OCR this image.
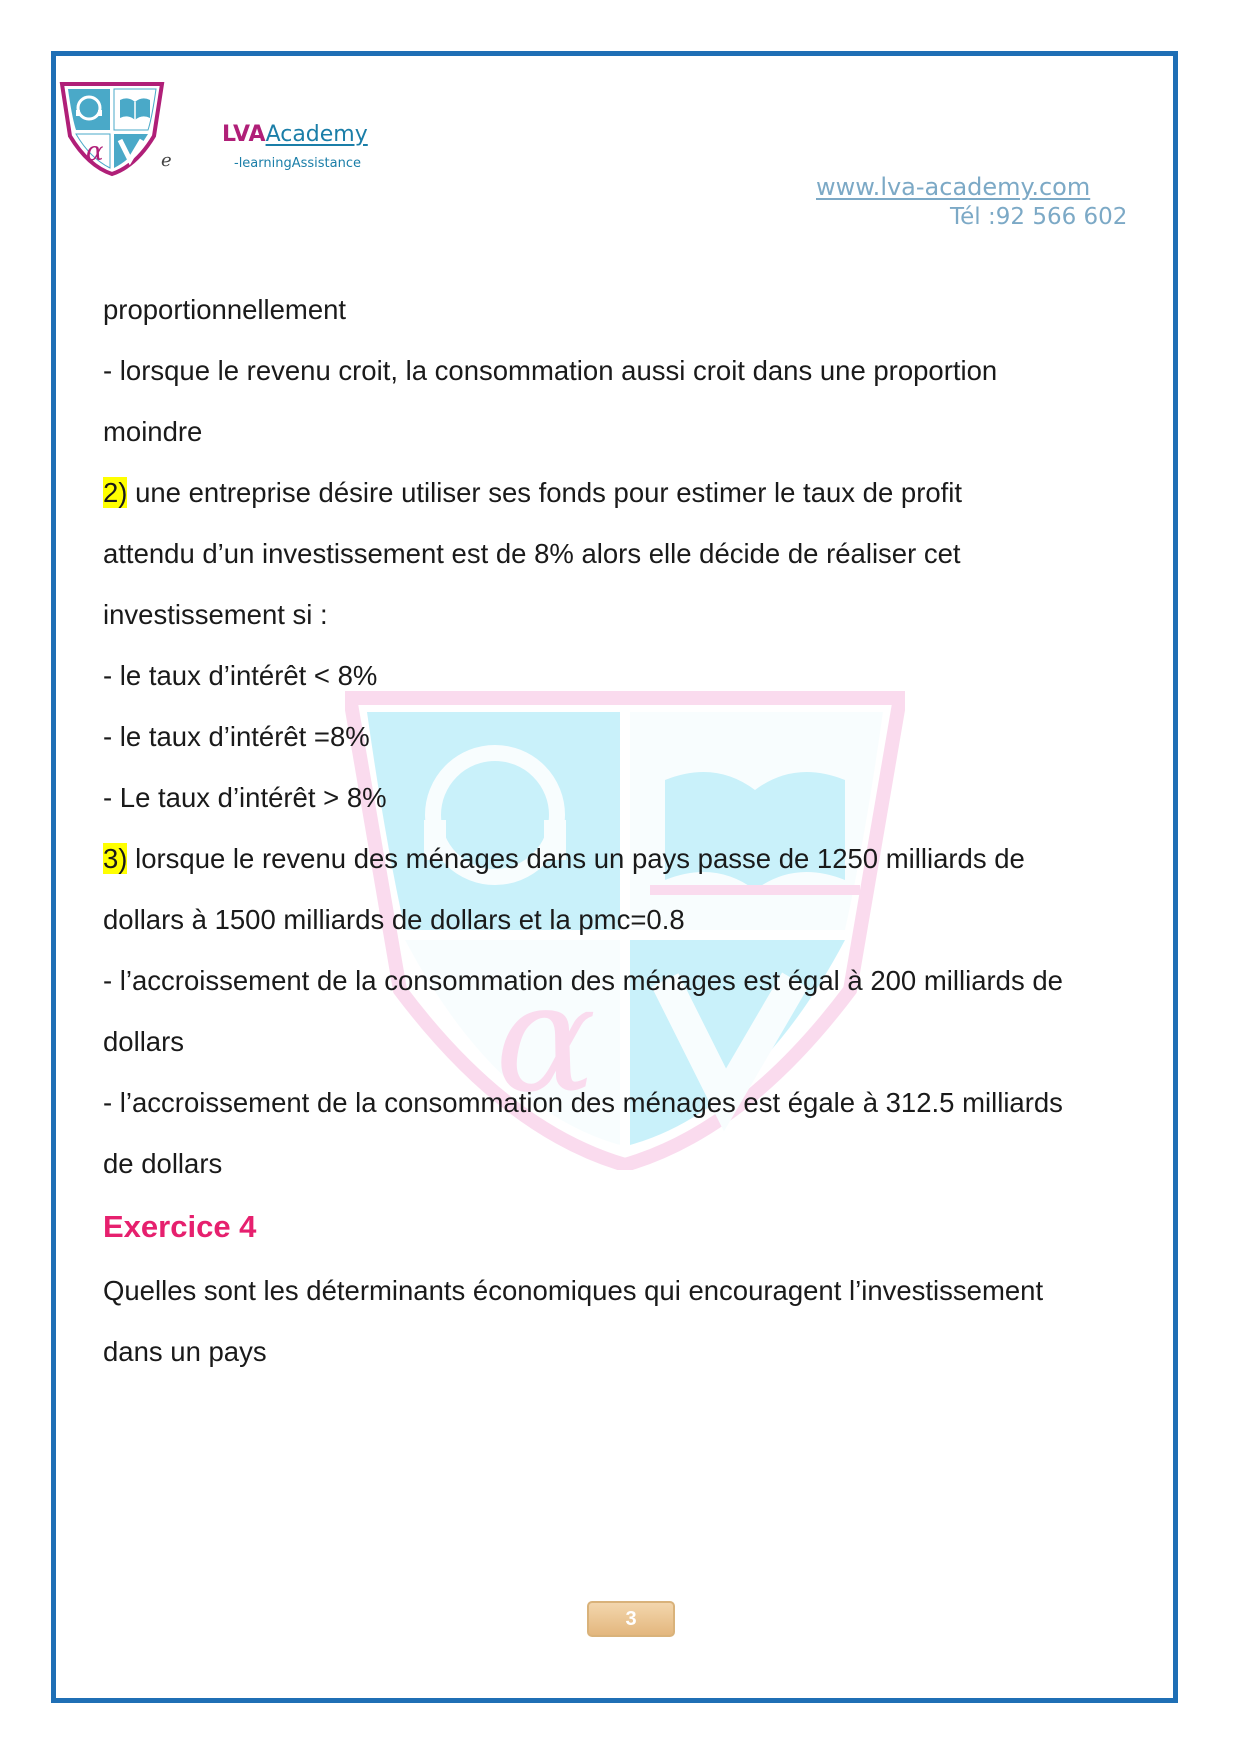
α	e
LVAAcademy
-learningAssistance
www.lva-academy.com
Tél :92 566 602
α

proportionnellement

- lorsque le revenu croit, la consommation aussi croit dans une proportion

moindre

2) une entreprise désire utiliser ses fonds pour estimer le taux de profit

attendu d’un investissement est de 8% alors elle décide de réaliser cet

investissement si :

- le taux d’intérêt < 8%

- le taux d’intérêt =8%

- Le taux d’intérêt > 8%

3) lorsque le revenu des ménages dans un pays passe de 1250 milliards de

dollars à 1500 milliards de dollars et la pmc=0.8

- l’accroissement de la consommation des ménages est égal à 200 milliards de

dollars

- l’accroissement de la consommation des ménages est égale à 312.5 milliards

de dollars

Exercice 4

Quelles sont les déterminants économiques qui encouragent l’investissement

dans un pays

3
